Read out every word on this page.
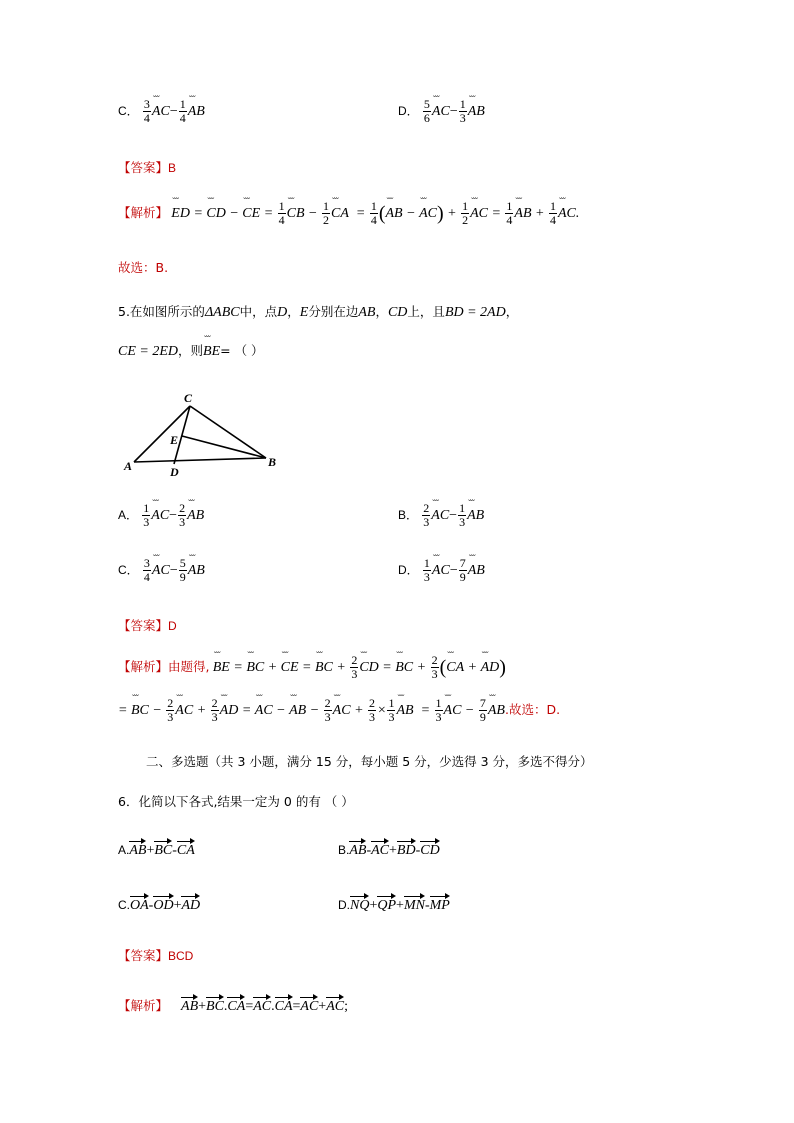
C． $\frac{3}{4}$ ˘˘˘ $AC- \frac{1}{4}$ ˘˘˘ AB	D． $\frac{5}{6}$ ˘˘˘ $AC- \frac{1}{3}$ ˘˘˘ AB
【答案】B
【解析】 ˘˘˘ ED = ˘˘˘ CD − ˘˘˘ CE = $\frac{1}{4}$ ˘˘˘ CB − $\frac{1}{2}$ ˘˘˘ CA  = $\frac{1}{4}$ (˘˘˘ AB − ˘˘˘ $AC) + \frac{1}{2}$ ˘˘˘ AC = $\frac{1}{4}$ ˘˘˘ AB + $\frac{1}{4}$ ˘˘˘ AC.
故选：B.
5.在如图所示的ΔABC中，点D，E分别在边AB，CD上，且BD = 2AD，
CE = 2ED，则˘˘˘ BE= （ ）
C
E
A	D
B
A． $\frac{1}{3}$ ˘˘˘ $AC- \frac{2}{3}$ ˘˘˘ AB	B． $\frac{2}{3}$ ˘˘˘ $AC- \frac{1}{3}$ ˘˘˘ AB
C． $\frac{3}{4}$ ˘˘˘ $AC- \frac{5}{9}$ ˘˘˘ AB	D． $\frac{1}{3}$ ˘˘˘ $AC- \frac{7}{9}$ ˘˘˘ AB
【答案】D
【解析】由题得, ˘˘˘ BE = ˘˘˘ BC + ˘˘˘ CE = ˘˘˘ BC + $\frac{2}{3}$ ˘˘˘ CD = ˘˘˘ BC + $\frac{2}{3}$ (˘˘˘ CA + ˘˘˘ AD)
= ˘˘˘ BC − $\frac{2}{3}$ ˘˘˘ AC + $\frac{2}{3}$ ˘˘˘ AD = ˘˘˘ AC − ˘˘˘ AB − $\frac{2}{3}$ ˘˘˘ AC + $\frac{2}{3} \times \frac{1}{3}$ ˘˘˘ AB  = $\frac{1}{3}$ ˘˘˘ AC − $\frac{7}{9}$ ˘˘˘ AB.故选：D.
二、多选题（共 3 小题，满分 15 分，每小题 5 分，少选得 3 分，多选不得分）
6．化简以下各式,结果一定为 0 的有 （ ）
A.AB+BC-CA	B.AB-AC+BD-CD
C.OA-OD+AD	D.NQ+QP+MN-MP
【答案】BCD
【解析】 AB+BC.CA=AC.CA=AC+AC;
